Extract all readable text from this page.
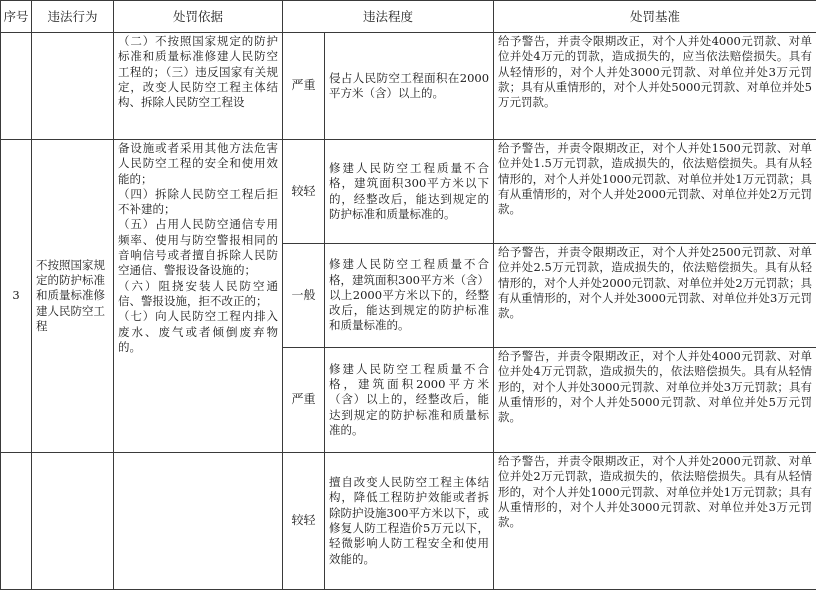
序号	违法行为	处罚依据	违法程度		处罚基准
		（二）不按照国家规定的防护标准和质量标准修建人民防空工程的；（三）违反国家有关规定，改变人民防空工程主体结构、拆除人民防空工程设	严重	侵占人民防空工程面积在2000平方米（含）以上的。	给予警告，并责令限期改正，对个人并处4000元罚款、对单位并处4万元的罚款，造成损失的，应当依法赔偿损失。具有从轻情形的，对个人并处3000元罚款、对单位并处3万元罚款；具有从重情形的，对个人并处5000元罚款、对单位并处5万元罚款。

3	不按照国家规定的防护标准和质量标准修建人民防空工程	备设施或者采用其他方法危害人民防空工程的安全和使用效能的；
（四）拆除人民防空工程后拒不补建的；
（五）占用人民防空通信专用频率、使用与防空警报相同的音响信号或者擅自拆除人民防空通信、警报设备设施的；
（六）阻挠安装人民防空通信、警报设施，拒不改正的；
（七）向人民防空工程内排入废水、废气或者倾倒废弃物的。	较轻	修建人民防空工程质量不合格，建筑面积300平方米以下的，经整改后，能达到规定的防护标准和质量标准的。	给予警告，并责令限期改正，对个人并处1500元罚款、对单位并处1.5万元罚款，造成损失的，依法赔偿损失。具有从轻情形的，对个人并处1000元罚款、对单位并处1万元罚款；具有从重情形的，对个人并处2000元罚款、对单位并处2万元罚款。
			一般	修建人民防空工程质量不合格，建筑面积300平方米（含）以上2000平方米以下的，经整改后，能达到规定的防护标准和质量标准的。	给予警告，并责令限期改正，对个人并处2500元罚款、对单位并处2.5万元罚款，造成损失的，依法赔偿损失。具有从轻情形的，对个人并处2000元罚款、对单位并处2万元罚款；具有从重情形的，对个人并处3000元罚款、对单位并处3万元罚款。
			严重	修建人民防空工程质量不合格，建筑面积2000平方米（含）以上的，经整改后，能达到规定的防护标准和质量标准的。	给予警告，并责令限期改正，对个人并处4000元罚款、对单位并处4万元罚款，造成损失的，依法赔偿损失。具有从轻情形的，对个人并处3000元罚款、对单位并处3万元罚款；具有从重情形的，对个人并处5000元罚款、对单位并处5万元罚款。
			较轻	擅自改变人民防空工程主体结构，降低工程防护效能或者拆除防护设施300平方米以下，或修复人防工程造价5万元以下，轻微影响人防工程安全和使用效能的。	给予警告，并责令限期改正，对个人并处2000元罚款、对单位并处2万元罚款，造成损失的，依法赔偿损失。具有从轻情形的，对个人并处1000元罚款、对单位并处1万元罚款；具有从重情形的，对个人并处3000元罚款、对单位并处3万元罚款。
